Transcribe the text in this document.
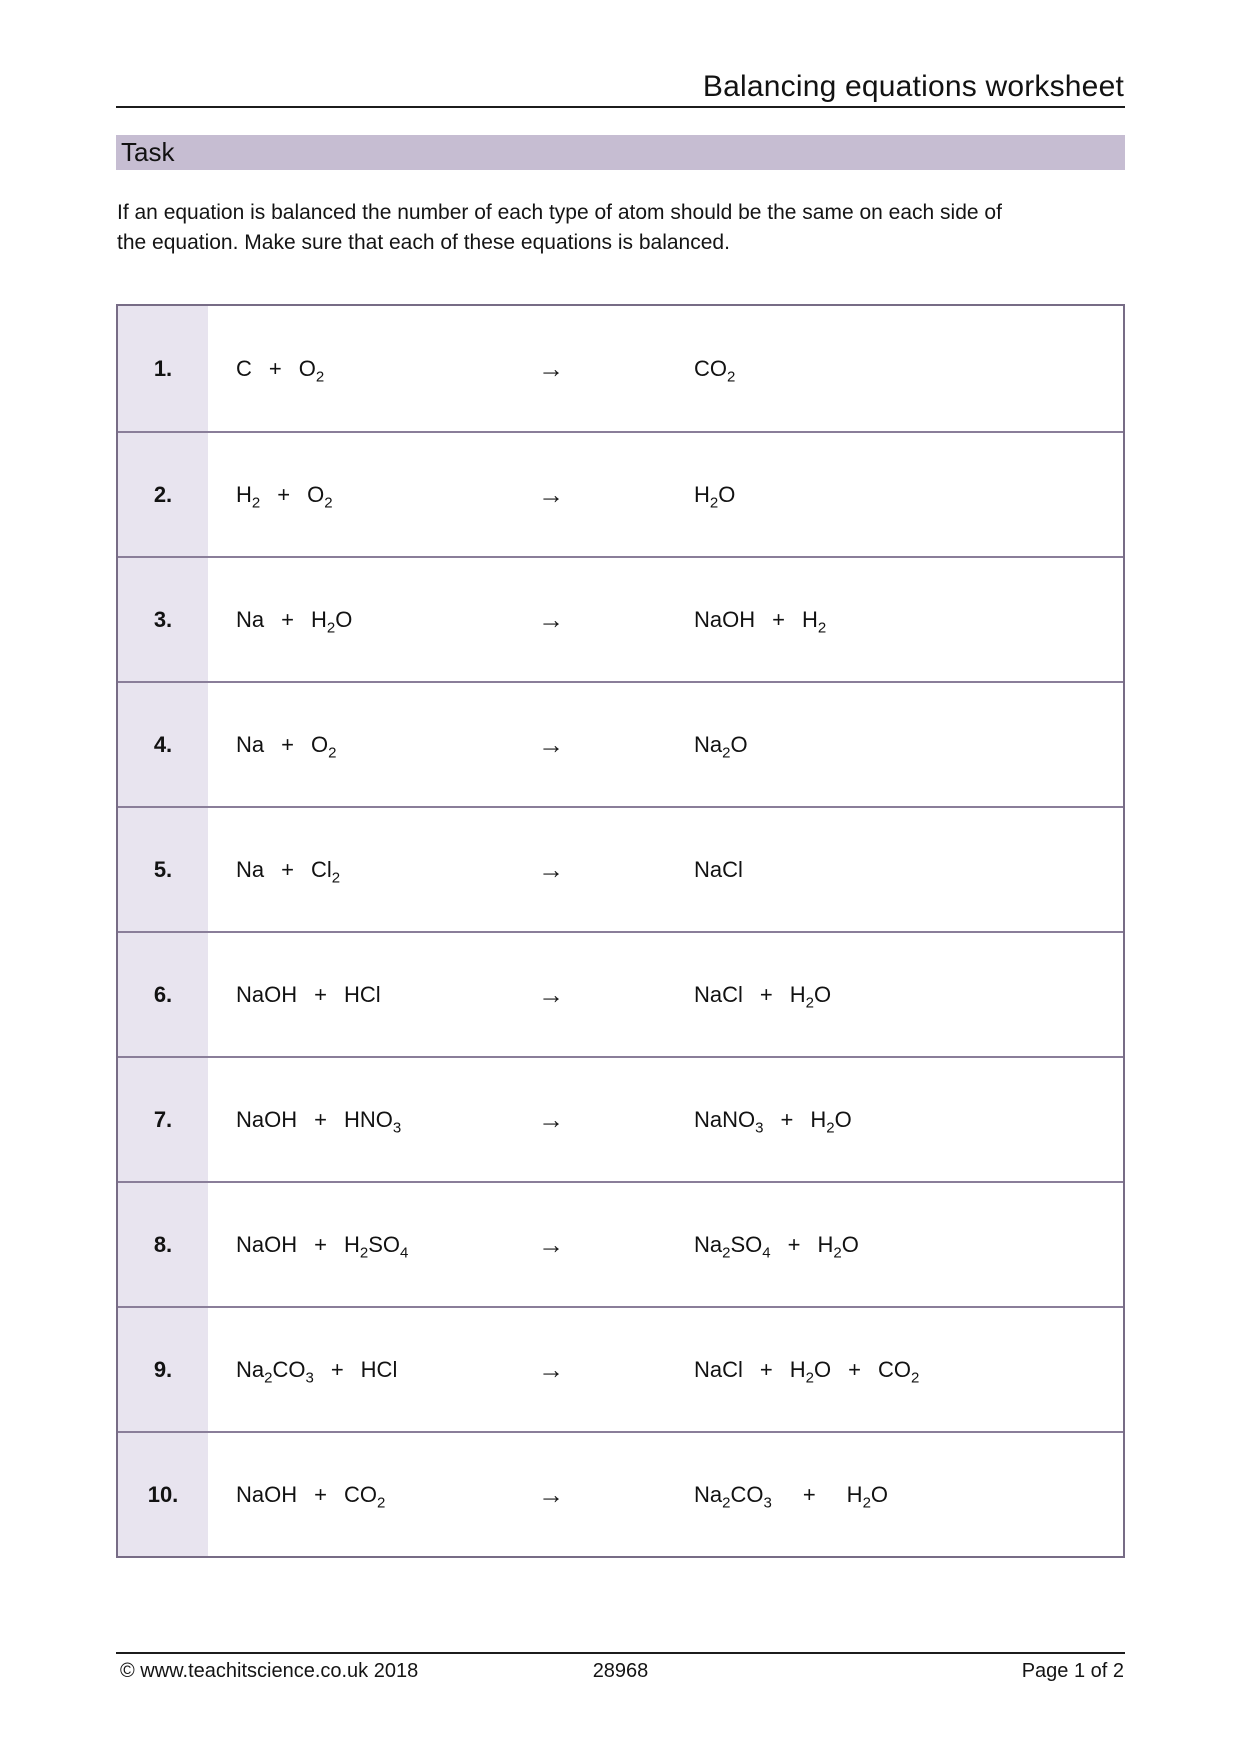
Balancing equations worksheet
Task
If an equation is balanced the number of each type of atom should be the same on each side of
the equation. Make sure that each of these equations is balanced.
1.	$C + O_2$	→	$CO_2$
2.	$H_2 + O_2$	→	$H_2O$
3.	$Na + H_2O$	→	NaOH + $H_2$
4.	$Na + O_2$	→	$Na_2O$
5.	$Na + Cl_2$	→	NaCl
6.	NaOH + HCl	→	NaCl + $H_2O$
7.	NaOH + $HNO_3$	→	NaNO$_3$ + $H_2O$
8.	NaOH + $H_2SO_4$	→	$Na_2SO_4 + H_2O$
9.	$Na_2CO_3$ + HCl	→	NaCl + $H_2O + CO_2$
10.	NaOH + $CO_2$	→	$Na_2CO_3 + H_2O$
© www.teachitscience.co.uk 2018	28968	Page 1 of 2
